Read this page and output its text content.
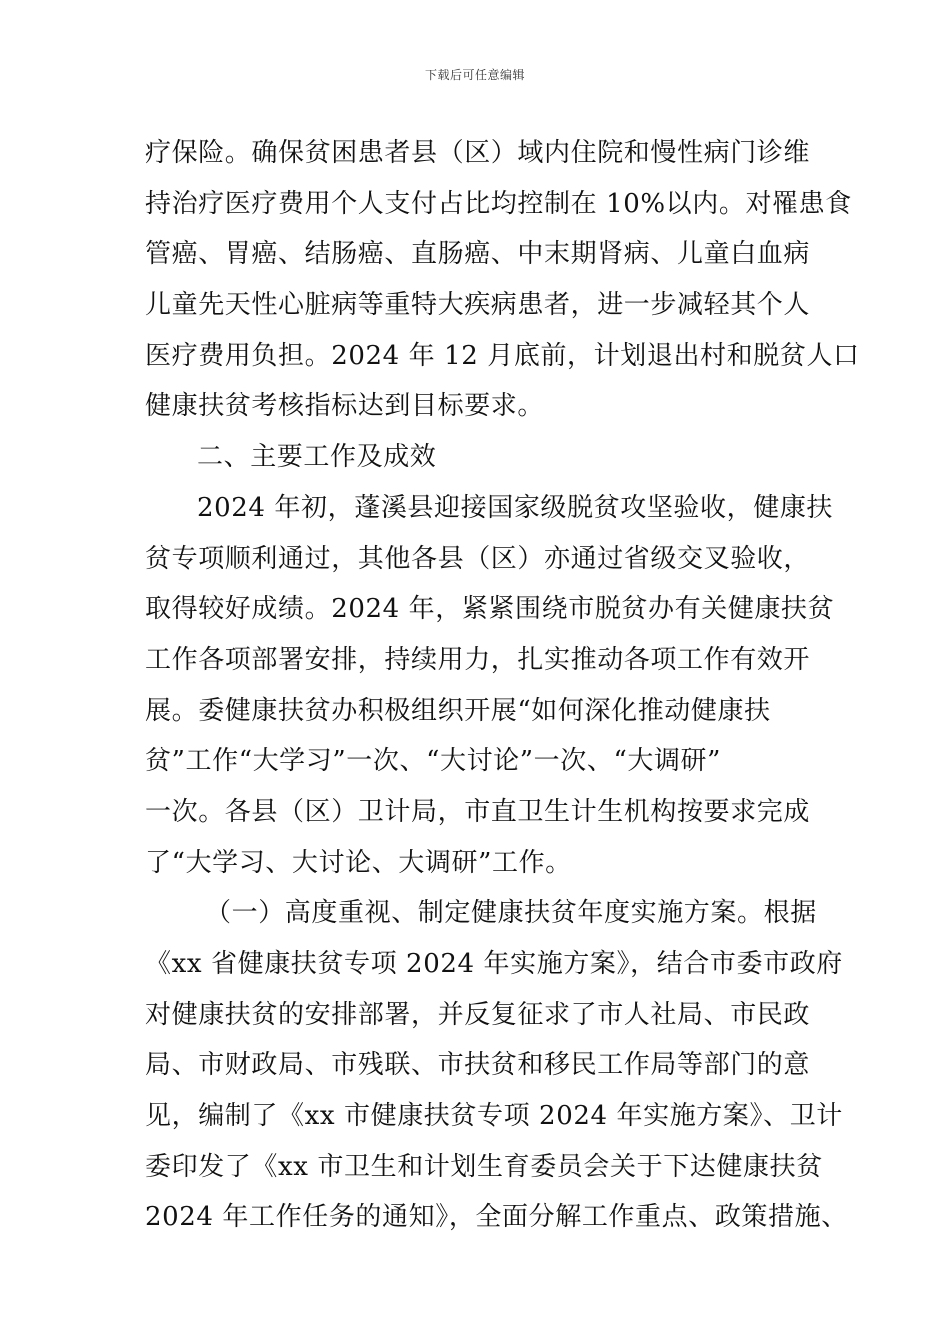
下载后可任意编辑
疗保险。确保贫困患者县（区）域内住院和慢性病门诊维
持治疗医疗费用个人支付占比均控制在 10%以内。对罹患食
管癌、胃癌、结肠癌、直肠癌、中末期肾病、儿童白血病
儿童先天性心脏病等重特大疾病患者，进一步减轻其个人
医疗费用负担。2024 年 12 月底前，计划退出村和脱贫人口
健康扶贫考核指标达到目标要求。
二、主要工作及成效
2024 年初，蓬溪县迎接国家级脱贫攻坚验收，健康扶
贫专项顺利通过，其他各县（区）亦通过省级交叉验收，
取得较好成绩。2024 年，紧紧围绕市脱贫办有关健康扶贫
工作各项部署安排，持续用力，扎实推动各项工作有效开
展。委健康扶贫办积极组织开展“如何深化推动健康扶
贫”工作“大学习”一次、“大讨论”一次、“大调研”
一次。各县（区）卫计局，市直卫生计生机构按要求完成
了“大学习、大讨论、大调研”工作。
（一）高度重视、制定健康扶贫年度实施方案。根据
《xx 省健康扶贫专项 2024 年实施方案》，结合市委市政府
对健康扶贫的安排部署，并反复征求了市人社局、市民政
局、市财政局、市残联、市扶贫和移民工作局等部门的意
见，编制了《xx 市健康扶贫专项 2024 年实施方案》、卫计
委印发了《xx 市卫生和计划生育委员会关于下达健康扶贫
2024 年工作任务的通知》，全面分解工作重点、政策措施、
